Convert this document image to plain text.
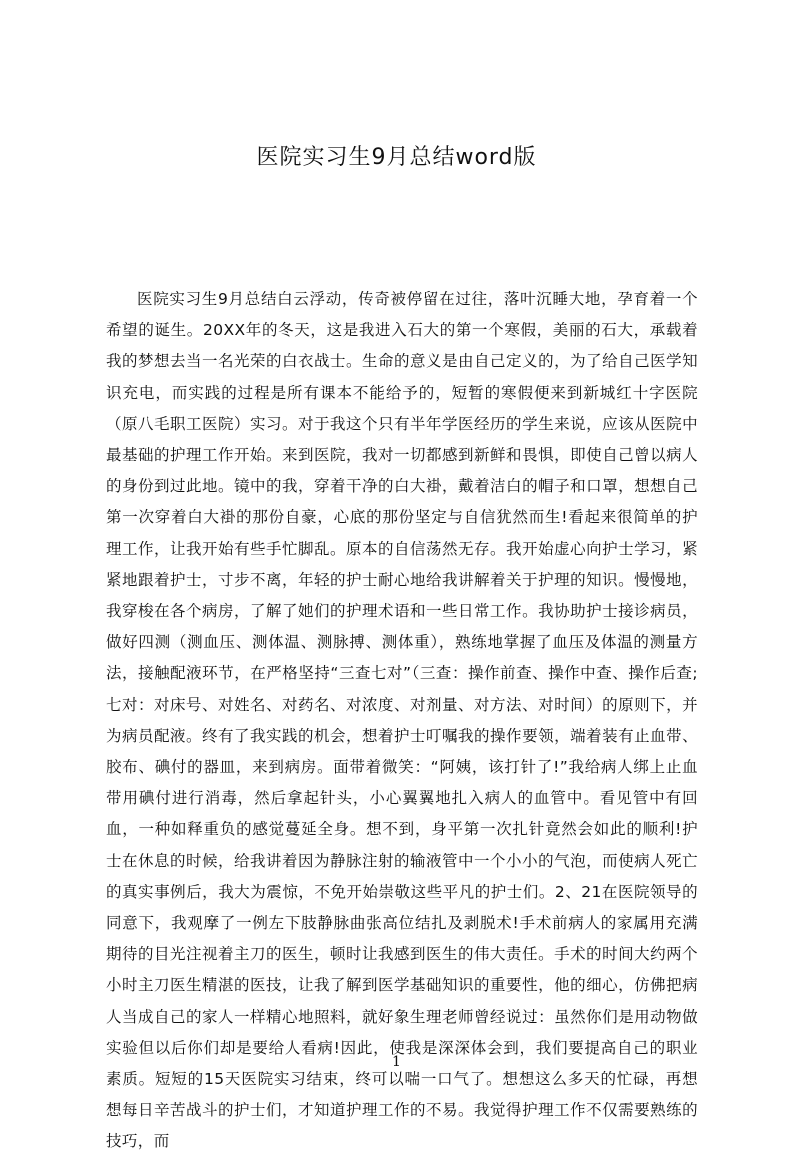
医院实习生9月总结word版

医院实习生9月总结白云浮动，传奇被停留在过往，落叶沉睡大地，孕育着一个希望的诞生。20XX年的冬天，这是我进入石大的第一个寒假，美丽的石大，承载着我的梦想去当一名光荣的白衣战士。生命的意义是由自己定义的，为了给自己医学知识充电，而实践的过程是所有课本不能给予的，短暂的寒假便来到新城红十字医院（原八毛职工医院）实习。对于我这个只有半年学医经历的学生来说，应该从医院中最基础的护理工作开始。来到医院，我对一切都感到新鲜和畏惧，即使自己曾以病人的身份到过此地。镜中的我，穿着干净的白大褂，戴着洁白的帽子和口罩，想想自己第一次穿着白大褂的那份自豪，心底的那份坚定与自信犹然而生!看起来很简单的护理工作，让我开始有些手忙脚乱。原本的自信荡然无存。我开始虚心向护士学习，紧紧地跟着护士，寸步不离，年轻的护士耐心地给我讲解着关于护理的知识。慢慢地，我穿梭在各个病房，了解了她们的护理术语和一些日常工作。我协助护士接诊病员，做好四测（测血压、测体温、测脉搏、测体重），熟练地掌握了血压及体温的测量方法，接触配液环节，在严格坚持“三查七对”（三查：操作前查、操作中查、操作后查;七对：对床号、对姓名、对药名、对浓度、对剂量、对方法、对时间）的原则下，并为病员配液。终有了我实践的机会，想着护士叮嘱我的操作要领，端着装有止血带、胶布、碘付的器皿，来到病房。面带着微笑：“阿姨，该打针了!”我给病人绑上止血带用碘付进行消毒，然后拿起针头，小心翼翼地扎入病人的血管中。看见管中有回血，一种如释重负的感觉蔓延全身。想不到，身平第一次扎针竟然会如此的顺利!护士在休息的时候，给我讲着因为静脉注射的输液管中一个小小的气泡，而使病人死亡的真实事例后，我大为震惊，不免开始崇敬这些平凡的护士们。2、21在医院领导的同意下，我观摩了一例左下肢静脉曲张高位结扎及剥脱术!手术前病人的家属用充满期待的目光注视着主刀的医生，顿时让我感到医生的伟大责任。手术的时间大约两个小时主刀医生精湛的医技，让我了解到医学基础知识的重要性，他的细心，仿佛把病人当成自己的家人一样精心地照料，就好象生理老师曾经说过：虽然你们是用动物做实验但以后你们却是要给人看病!因此，使我是深深体会到，我们要提高自己的职业素质。短短的15天医院实习结束，终可以喘一口气了。想想这么多天的忙碌，再想想每日辛苦战斗的护士们，才知道护理工作的不易。我觉得护理工作不仅需要熟练的技巧，而

1
